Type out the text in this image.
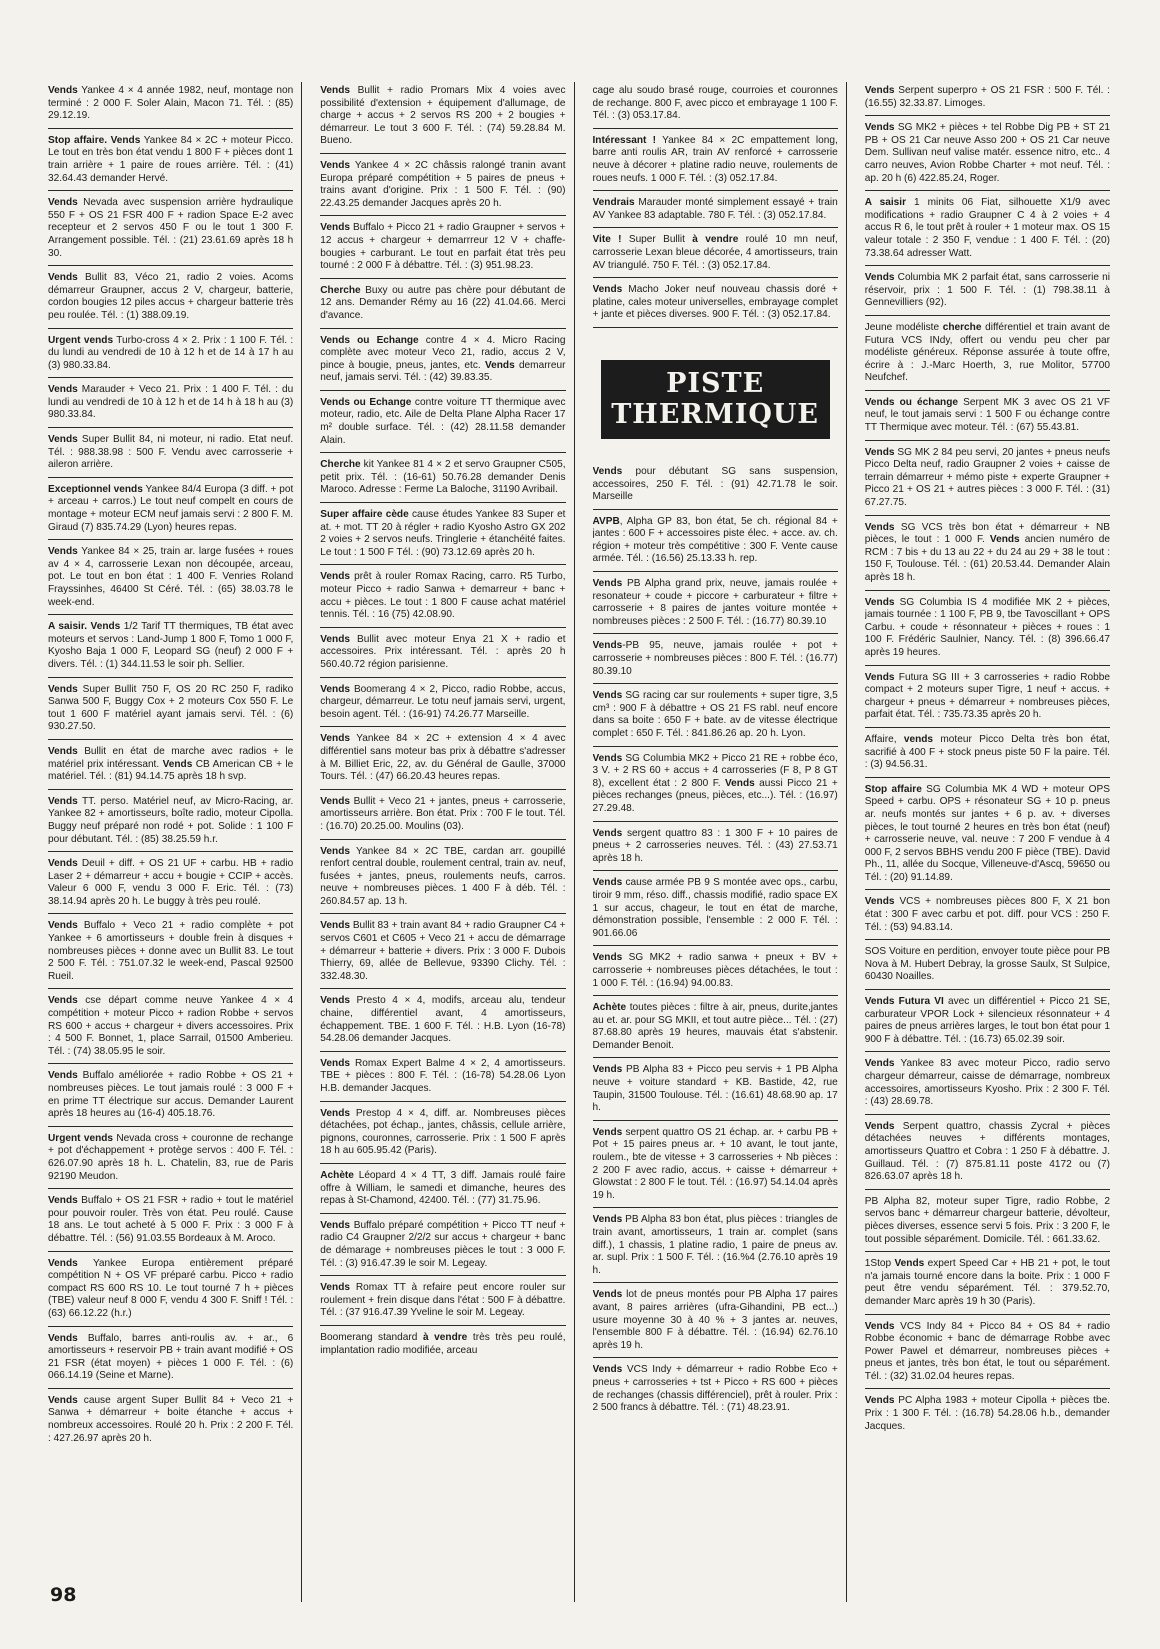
Vends Yankee 4 × 4 année 1982, neuf, montage non terminé : 2 000 F. Soler Alain, Macon 71. Tél. : (85) 29.12.19.
Stop affaire. Vends Yankee 84 × 2C + moteur Picco. Le tout en très bon état vendu 1 800 F + pièces dont 1 train arrière + 1 paire de roues arrière. Tél. : (41) 32.64.43 demander Hervé.
Vends Nevada avec suspension arrière hydraulique 550 F + OS 21 FSR 400 F + radion Space E-2 avec recepteur et 2 servos 450 F ou le tout 1 300 F. Arrangement possible. Tél. : (21) 23.61.69 après 18 h 30.
Vends Bullit 83, Véco 21, radio 2 voies. Acoms démarreur Graupner, accus 2 V, chargeur, batterie, cordon bougies 12 piles accus + chargeur batterie très peu roulée. Tél. : (1) 388.09.19.
Urgent vends Turbo-cross 4 × 2. Prix : 1 100 F. Tél. : du lundi au vendredi de 10 à 12 h et de 14 à 17 h au (3) 980.33.84.
Vends Marauder + Veco 21. Prix : 1 400 F. Tél. : du lundi au vendredi de 10 à 12 h et de 14 h à 18 h au (3) 980.33.84.
Vends Super Bullit 84, ni moteur, ni radio. Etat neuf. Tél. : 988.38.98 : 500 F. Vendu avec carrosserie + aileron arrière.
Exceptionnel vends Yankee 84/4 Europa (3 diff. + pot + arceau + carros.) Le tout neuf compelt en cours de montage + moteur ECM neuf jamais servi : 2 800 F. M. Giraud (7) 835.74.29 (Lyon) heures repas.
Vends Yankee 84 × 25, train ar. large fusées + roues av 4 × 4, carrosserie Lexan non découpée, arceau, pot. Le tout en bon état : 1 400 F. Venries Roland Frayssinhes, 46400 St Céré. Tél. : (65) 38.03.78 le week-end.
A saisir. Vends 1/2 Tarif TT thermiques, TB état avec moteurs et servos : Land-Jump 1 800 F, Tomo 1 000 F, Kyosho Baja 1 000 F, Leopard SG (neuf) 2 000 F + divers. Tél. : (1) 344.11.53 le soir ph. Sellier.
Vends Super Bullit 750 F, OS 20 RC 250 F, radiko Sanwa 500 F, Buggy Cox + 2 moteurs Cox 550 F. Le tout 1 600 F matériel ayant jamais servi. Tél. : (6) 930.27.50.
Vends Bullit en état de marche avec radios + le matériel prix intéressant. Vends CB American CB + le matériel. Tél. : (81) 94.14.75 après 18 h svp.
Vends TT. perso. Matériel neuf, av Micro-Racing, ar. Yankee 82 + amortisseurs, boîte radio, moteur Cipolla. Buggy neuf préparé non rodé + pot. Solide : 1 100 F pour débutant. Tél. : (85) 38.25.59 h.r.
Vends Deuil + diff. + OS 21 UF + carbu. HB + radio Laser 2 + démarreur + accu + bougie + CCIP + accès. Valeur 6 000 F, vendu 3 000 F. Eric. Tél. : (73) 38.14.94 après 20 h. Le buggy à très peu roulé.
Vends Buffalo + Veco 21 + radio complète + pot Yankee + 6 amortisseurs + double frein à disques + nombreuses pièces + donne avec un Bullit 83. Le tout 2 500 F. Tél. : 751.07.32 le week-end, Pascal 92500 Rueil.
Vends cse départ comme neuve Yankee 4 × 4 compétition + moteur Picco + radion Robbe + servos RS 600 + accus + chargeur + divers accessoires. Prix : 4 500 F. Bonnet, 1, place Sarrail, 01500 Amberieu. Tél. : (74) 38.05.95 le soir.
Vends Buffalo améliorée + radio Robbe + OS 21 + nombreuses pièces. Le tout jamais roulé : 3 000 F + en prime TT électrique sur accus. Demander Laurent après 18 heures au (16-4) 405.18.76.
Urgent vends Nevada cross + couronne de rechange + pot d'échappement + protège servos : 400 F. Tél. : 626.07.90 après 18 h. L. Chatelin, 83, rue de Paris 92190 Meudon.
Vends Buffalo + OS 21 FSR + radio + tout le matériel pour pouvoir rouler. Très von état. Peu roulé. Cause 18 ans. Le tout acheté à 5 000 F. Prix : 3 000 F à débattre. Tél. : (56) 91.03.55 Bordeaux à M. Aroco.
Vends Yankee Europa entièrement préparé compétition N + OS VF préparé carbu. Picco + radio compact RS 600 RS 10. Le tout tourné 7 h + pièces (TBE) valeur neuf 8 000 F, vendu 4 300 F. Sniff ! Tél. : (63) 66.12.22 (h.r.)
Vends Buffalo, barres anti-roulis av. + ar., 6 amortisseurs + reservoir PB + train avant modifié + OS 21 FSR (état moyen) + pièces 1 000 F. Tél. : (6) 066.14.19 (Seine et Marne).
Vends cause argent Super Bullit 84 + Veco 21 + Sanwa + démarreur + boite étanche + accus + nombreux accessoires. Roulé 20 h. Prix : 2 200 F. Tél. : 427.26.97 après 20 h.
Vends Bullit + radio Promars Mix 4 voies avec possibilité d'extension + équipement d'allumage, de charge + accus + 2 servos RS 200 + 2 bougies + démarreur. Le tout 3 600 F. Tél. : (74) 59.28.84 M. Bueno.
Vends Yankee 4 × 2C châssis ralongé tranin avant Europa préparé compétition + 5 paires de pneus + trains avant d'origine. Prix : 1 500 F. Tél. : (90) 22.43.25 demander Jacques après 20 h.
Vends Buffalo + Picco 21 + radio Graupner + servos + 12 accus + chargeur + demarrreur 12 V + chaffe-bougies + carburant. Le tout en parfait état très peu tourné : 2 000 F à débattre. Tél. : (3) 951.98.23.
Cherche Buxy ou autre pas chère pour débutant de 12 ans. Demander Rémy au 16 (22) 41.04.66. Merci d'avance.
Vends ou Echange contre 4 × 4. Micro Racing complète avec moteur Veco 21, radio, accus 2 V, pince à bougie, pneus, jantes, etc. Vends demarreur neuf, jamais servi. Tél. : (42) 39.83.35.
Vends ou Echange contre voiture TT thermique avec moteur, radio, etc. Aile de Delta Plane Alpha Racer 17 m² double surface. Tél. : (42) 28.11.58 demander Alain.
Cherche kit Yankee 81 4 × 2 et servo Graupner C505, petit prix. Tél. : (16-61) 50.76.28 demander Denis Maroco. Adresse : Ferme La Baloche, 31190 Avribail.
Super affaire cède cause études Yankee 83 Super et at. + mot. TT 20 à régler + radio Kyosho Astro GX 202 2 voies + 2 servos neufs. Tringlerie + étanchéité faites. Le tout : 1 500 F Tél. : (90) 73.12.69 après 20 h.
Vends prêt à rouler Romax Racing, carro. R5 Turbo, moteur Picco + radio Sanwa + demarreur + banc + accu + pièces. Le tout : 1 800 F cause achat matériel tennis. Tél. : 16 (75) 42.08.90.
Vends Bullit avec moteur Enya 21 X + radio et accessoires. Prix intéressant. Tél. : après 20 h 560.40.72 région parisienne.
Vends Boomerang 4 × 2, Picco, radio Robbe, accus, chargeur, démarreur. Le totu neuf jamais servi, urgent, besoin agent. Tél. : (16-91) 74.26.77 Marseille.
Vends Yankee 84 × 2C + extension 4 × 4 avec différentiel sans moteur bas prix à débattre s'adresser à M. Billiet Eric, 22, av. du Général de Gaulle, 37000 Tours. Tél. : (47) 66.20.43 heures repas.
Vends Bullit + Veco 21 + jantes, pneus + carrosserie, amortisseurs arrière. Bon état. Prix : 700 F le tout. Tél. : (16.70) 20.25.00. Moulins (03).
Vends Yankee 84 × 2C TBE, cardan arr. goupillé renfort central double, roulement central, train av. neuf, fusées + jantes, pneus, roulements neufs, carros. neuve + nombreuses pièces. 1 400 F à déb. Tél. : 260.84.57 ap. 13 h.
Vends Bullit 83 + train avant 84 + radio Graupner C4 + servos C601 et C605 + Veco 21 + accu de démarrage + démarreur + batterie + divers. Prix : 3 000 F. Dubois Thierry, 69, allée de Bellevue, 93390 Clichy. Tél. : 332.48.30.
Vends Presto 4 × 4, modifs, arceau alu, tendeur chaine, différentiel avant, 4 amortisseurs, échappement. TBE. 1 600 F. Tél. : H.B. Lyon (16-78) 54.28.06 demander Jacques.
Vends Romax Expert Balme 4 × 2, 4 amortisseurs. TBE + pièces : 800 F. Tél. : (16-78) 54.28.06 Lyon H.B. demander Jacques.
Vends Prestop 4 × 4, diff. ar. Nombreuses pièces détachées, pot échap., jantes, châssis, cellule arrière, pignons, couronnes, carrosserie. Prix : 1 500 F après 18 h au 605.95.42 (Paris).
Achète Léopard 4 × 4 TT, 3 diff. Jamais roulé faire offre à William, le samedi et dimanche, heures des repas à St-Chamond, 42400. Tél. : (77) 31.75.96.
Vends Buffalo préparé compétition + Picco TT neuf + radio C4 Graupner 2/2/2 sur accus + chargeur + banc de démarage + nombreuses pièces le tout : 3 000 F. Tél. : (3) 916.47.39 le soir M. Legeay.
Vends Romax TT à refaire peut encore rouler sur roulement + frein disque dans l'état : 500 F à débattre. Tél. : (37 916.47.39 Yveline le soir M. Legeay.
Boomerang standard à vendre très très peu roulé, implantation radio modifiée, arceau
cage alu soudo brasé rouge, courroies et couronnes de rechange. 800 F, avec picco et embrayage 1 100 F. Tél. : (3) 053.17.84.
Intéressant ! Yankee 84 × 2C empattement long, barre anti roulis AR, train AV renforcé + carrosserie neuve à décorer + platine radio neuve, roulements de roues neufs. 1 000 F. Tél. : (3) 052.17.84.
Vendrais Marauder monté simplement essayé + train AV Yankee 83 adaptable. 780 F. Tél. : (3) 052.17.84.
Vite ! Super Bullit à vendre roulé 10 mn neuf, carrosserie Lexan bleue décorée, 4 amortisseurs, train AV triangulé. 750 F. Tél. : (3) 052.17.84.
Vends Macho Joker neuf nouveau chassis doré + platine, cales moteur universelles, embrayage complet + jante et pièces diverses. 900 F. Tél. : (3) 052.17.84.
PISTE
THERMIQUE
Vends pour débutant SG sans suspension, accessoires, 250 F. Tél. : (91) 42.71.78 le soir. Marseille
AVPB, Alpha GP 83, bon état, 5e ch. régional 84 + jantes : 600 F + accessoires piste élec. + acce. av. ch. région + moteur très compétitive : 300 F. Vente cause armée. Tél. : (16.56) 25.13.33 h. rep.
Vends PB Alpha grand prix, neuve, jamais roulée + resonateur + coude + piccore + carburateur + filtre + carrosserie + 8 paires de jantes voiture montée + nombreuses pièces : 2 500 F. Tél. : (16.77) 80.39.10
Vends-PB 95, neuve, jamais roulée + pot + carrosserie + nombreuses pièces : 800 F. Tél. : (16.77) 80.39.10
Vends SG racing car sur roulements + super tigre, 3,5 cm³ : 900 F à débattre + OS 21 FS rabl. neuf encore dans sa boite : 650 F + bate. av de vitesse électrique complet : 650 F. Tél. : 841.86.26 ap. 20 h. Lyon.
Vends SG Columbia MK2 + Picco 21 RE + robbe éco, 3 V. + 2 RS 60 + accus + 4 carrosseries (F 8, P 8 GT 8), excellent état : 2 800 F. Vends aussi Picco 21 + pièces rechanges (pneus, pièces, etc...). Tél. : (16.97) 27.29.48.
Vends sergent quattro 83 : 1 300 F + 10 paires de pneus + 2 carrosseries neuves. Tél. : (43) 27.53.71 après 18 h.
Vends cause armée PB 9 S montée avec ops., carbu, tiroir 9 mm, réso. diff., chassis modifié, radio space EX 1 sur accus, chageur, le tout en état de marche, démonstration possible, l'ensemble : 2 000 F. Tél. : 901.66.06
Vends SG MK2 + radio sanwa + pneux + BV + carrosserie + nombreuses pièces détachées, le tout : 1 000 F. Tél. : (16.94) 94.00.83.
Achète toutes pièces : filtre à air, pneus, durite,jantes au et. ar. pour SG MKII, et tout autre pièce... Tél. : (27) 87.68.80 après 19 heures, mauvais état s'abstenir. Demander Benoit.
Vends PB Alpha 83 + Picco peu servis + 1 PB Alpha neuve + voiture standard + KB. Bastide, 42, rue Taupin, 31500 Toulouse. Tél. : (16.61) 48.68.90 ap. 17 h.
Vends serpent quattro OS 21 échap. ar. + carbu PB + Pot + 15 paires pneus ar. + 10 avant, le tout jante, roulem., bte de vitesse + 3 carrosseries + Nb pièces : 2 200 F avec radio, accus. + caisse + démarreur + Glowstat : 2 800 F le tout. Tél. : (16.97) 54.14.04 après 19 h.
Vends PB Alpha 83 bon état, plus pièces : triangles de train avant, amortisseurs, 1 train ar. complet (sans diff.), 1 chassis, 1 platine radio, 1 paire de pneus av. ar. supl. Prix : 1 500 F. Tél. : (16.%4 (2.76.10 après 19 h.
Vends lot de pneus montés pour PB Alpha 17 paires avant, 8 paires arrières (ufra-Gihandini, PB ect...) usure moyenne 30 à 40 % + 3 jantes ar. neuves, l'ensemble 800 F à débattre. Tél. : (16.94) 62.76.10 après 19 h.
Vends VCS Indy + démarreur + radio Robbe Eco + pneus + carrosseries + tst + Picco + RS 600 + pièces de rechanges (chassis différenciel), prêt à rouler. Prix : 2 500 francs à débattre. Tél. : (71) 48.23.91.
Vends Serpent superpro + OS 21 FSR : 500 F. Tél. : (16.55) 32.33.87. Limoges.
Vends SG MK2 + pièces + tel Robbe Dig PB + ST 21 PB + OS 21 Car neuve Asso 200 + OS 21 Car neuve Dem. Sullivan neuf valise matér. essence nitro, etc.. 4 carro neuves, Avion Robbe Charter + mot neuf. Tél. : ap. 20 h (6) 422.85.24, Roger.
A saisir 1 minits 06 Fiat, silhouette X1/9 avec modifications + radio Graupner C 4 à 2 voies + 4 accus R 6, le tout prêt à rouler + 1 moteur max. OS 15 valeur totale : 2 350 F, vendue : 1 400 F. Tél. : (20) 73.38.64 adresser Watt.
Vends Columbia MK 2 parfait état, sans carrosserie ni réservoir, prix : 1 500 F. Tél. : (1) 798.38.11 à Gennevilliers (92).
Jeune modéliste cherche différentiel et train avant de Futura VCS INdy, offert ou vendu peu cher par modéliste généreux. Réponse assurée à toute offre, écrire à : J.-Marc Hoerth, 3, rue Molitor, 57700 Neufchef.
Vends ou échange Serpent MK 3 avec OS 21 VF neuf, le tout jamais servi : 1 500 F ou échange contre TT Thermique avec moteur. Tél. : (67) 55.43.81.
Vends SG MK 2 84 peu servi, 20 jantes + pneus neufs Picco Delta neuf, radio Graupner 2 voies + caisse de terrain démarreur + mémo piste + experte Graupner + Picco 21 + OS 21 + autres pièces : 3 000 F. Tél. : (31) 67.27.75.
Vends SG VCS très bon état + démarreur + NB pièces, le tout : 1 000 F. Vends ancien numéro de RCM : 7 bis + du 13 au 22 + du 24 au 29 + 38 le tout : 150 F, Toulouse. Tél. : (61) 20.53.44. Demander Alain après 18 h.
Vends SG Columbia IS 4 modifiée MK 2 + pièces, jamais tournée : 1 100 F, PB 9, tbe Tavoscillant + OPS Carbu. + coude + résonnateur + pièces + roues : 1 100 F. Frédéric Saulnier, Nancy. Tél. : (8) 396.66.47 après 19 heures.
Vends Futura SG III + 3 carrosseries + radio Robbe compact + 2 moteurs super Tigre, 1 neuf + accus. + chargeur + pneus + démarreur + nombreuses pièces, parfait état. Tél. : 735.73.35 après 20 h.
Affaire, vends moteur Picco Delta très bon état, sacrifié à 400 F + stock pneus piste 50 F la paire. Tél. : (3) 94.56.31.
Stop affaire SG Columbia MK 4 WD + moteur OPS Speed + carbu. OPS + résonateur SG + 10 p. pneus ar. neufs montés sur jantes + 6 p. av. + diverses pièces, le tout tourné 2 heures en très bon état (neuf) + carrosserie neuve, val. neuve : 7 200 F vendue à 4 000 F, 2 servos BBHS vendu 200 F pièce (TBE). David Ph., 11, allée du Socque, Villeneuve-d'Ascq, 59650 ou Tél. : (20) 91.14.89.
Vends VCS + nombreuses pièces 800 F, X 21 bon état : 300 F avec carbu et pot. diff. pour VCS : 250 F. Tél. : (53) 94.83.14.
SOS Voiture en perdition, envoyer toute pièce pour PB Nova à M. Hubert Debray, la grosse Saulx, St Sulpice, 60430 Noailles.
Vends Futura VI avec un différentiel + Picco 21 SE, carburateur VPOR Lock + silencieux résonnateur + 4 paires de pneus arrières larges, le tout bon état pour 1 900 F à débattre. Tél. : (16.73) 65.02.39 soir.
Vends Yankee 83 avec moteur Picco, radio servo chargeur démarreur, caisse de démarrage, nombreux accessoires, amortisseurs Kyosho. Prix : 2 300 F. Tél. : (43) 28.69.78.
Vends Serpent quattro, chassis Zycral + pièces détachées neuves + différents montages, amortisseurs Quattro et Cobra : 1 250 F à débattre. J. Guillaud. Tél. : (7) 875.81.11 poste 4172 ou (7) 826.63.07 après 18 h.
PB Alpha 82, moteur super Tigre, radio Robbe, 2 servos banc + démarreur chargeur batterie, dévolteur, pièces diverses, essence servi 5 fois. Prix : 3 200 F, le tout possible séparément. Domicile. Tél. : 661.33.62.
1Stop Vends expert Speed Car + HB 21 + pot, le tout n'a jamais tourné encore dans la boite. Prix : 1 000 F peut être vendu séparément. Tél. : 379.52.70, demander Marc après 19 h 30 (Paris).
Vends VCS Indy 84 + Picco 84 + OS 84 + radio Robbe économic + banc de démarrage Robbe avec Power Pawel et démarreur, nombreuses pièces + pneus et jantes, très bon état, le tout ou séparément. Tél. : (32) 31.02.04 heures repas.
Vends PC Alpha 1983 + moteur Cipolla + pièces tbe. Prix : 1 300 F. Tél. : (16.78) 54.28.06 h.b., demander Jacques.
98
